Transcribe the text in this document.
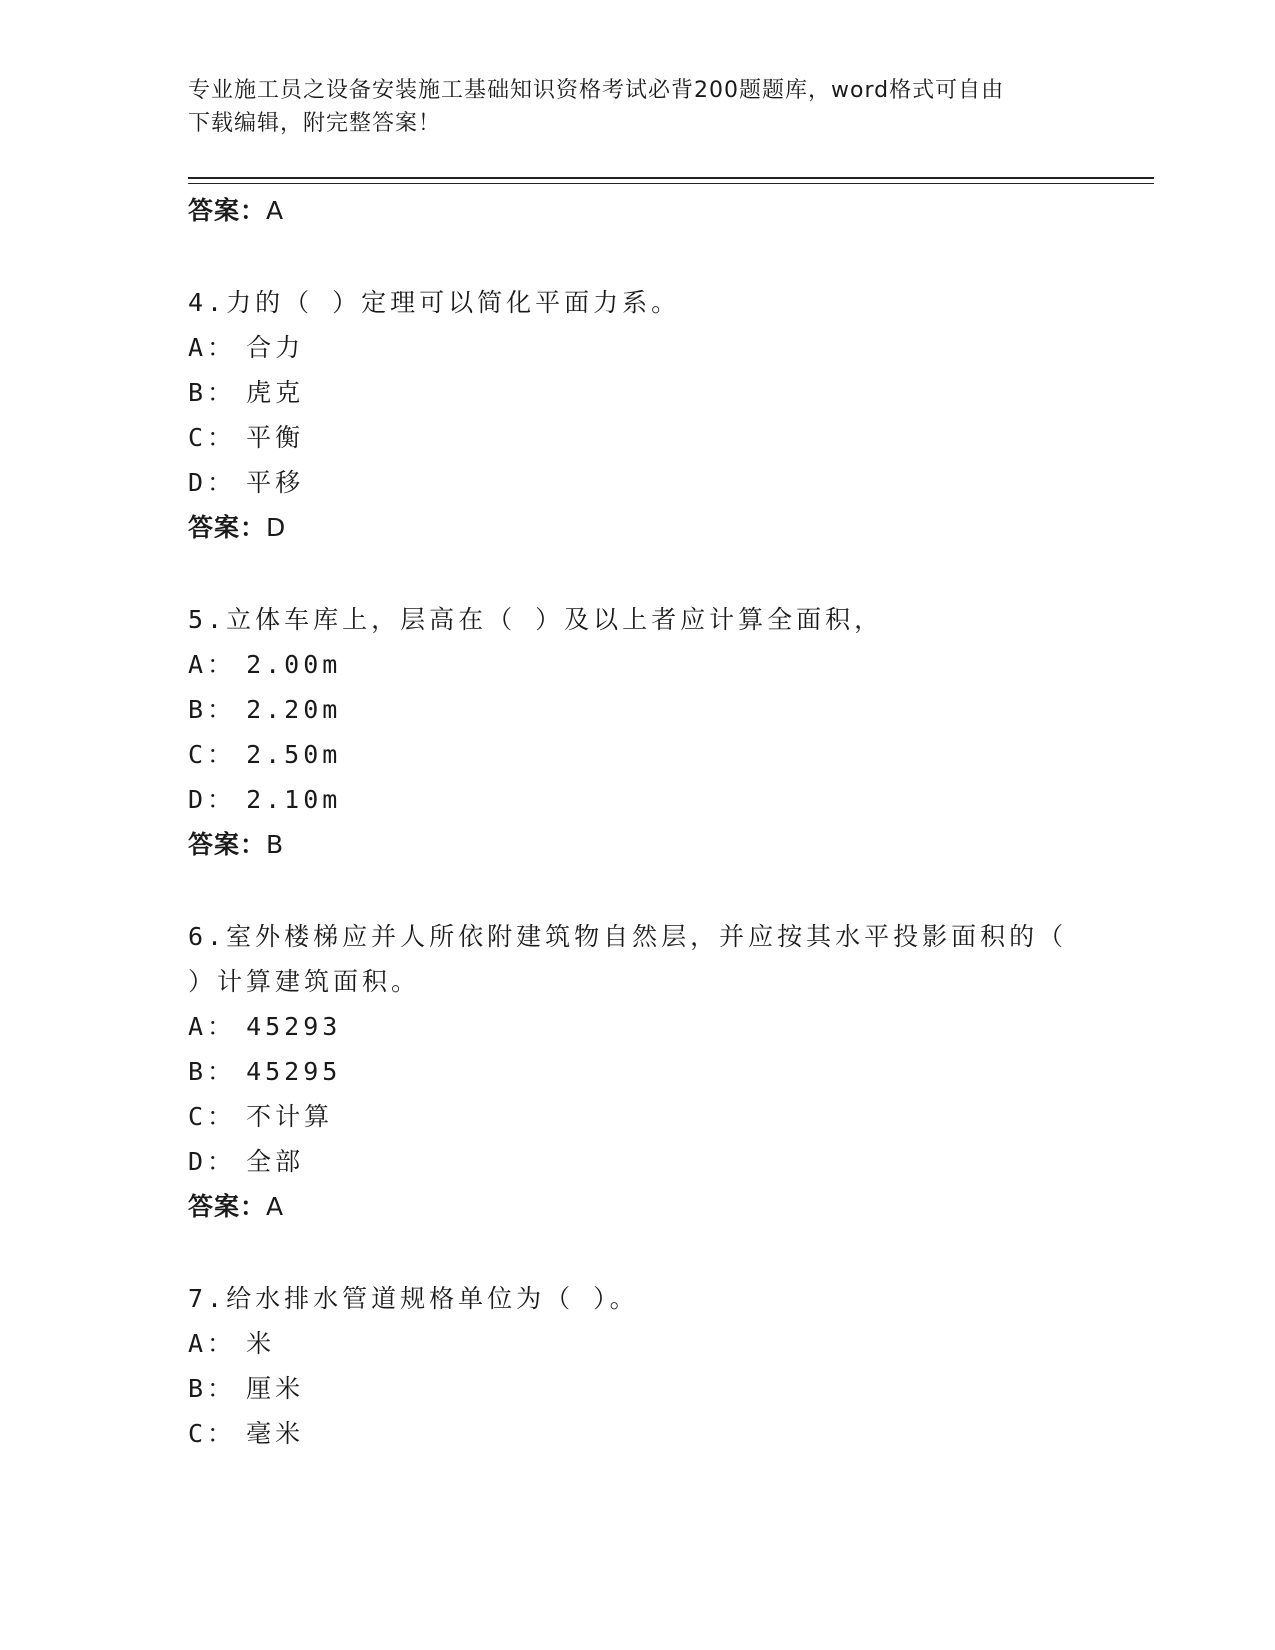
专业施工员之设备安装施工基础知识资格考试必背200题题库，word格式可自由
下载编辑，附完整答案！
答案：A
4.力的（ ）定理可以简化平面力系。
A： 合力
B： 虎克
C： 平衡
D： 平移
答案：D
5.立体车库上，层高在（ ）及以上者应计算全面积，
A： 2.00m
B： 2.20m
C： 2.50m
D： 2.10m
答案：B
6.室外楼梯应并人所依附建筑物自然层，并应按其水平投影面积的（ ）计算建筑面积。
A： 45293
B： 45295
C： 不计算
D： 全部
答案：A
7.给水排水管道规格单位为（ ）。
A： 米
B： 厘米
C： 毫米
